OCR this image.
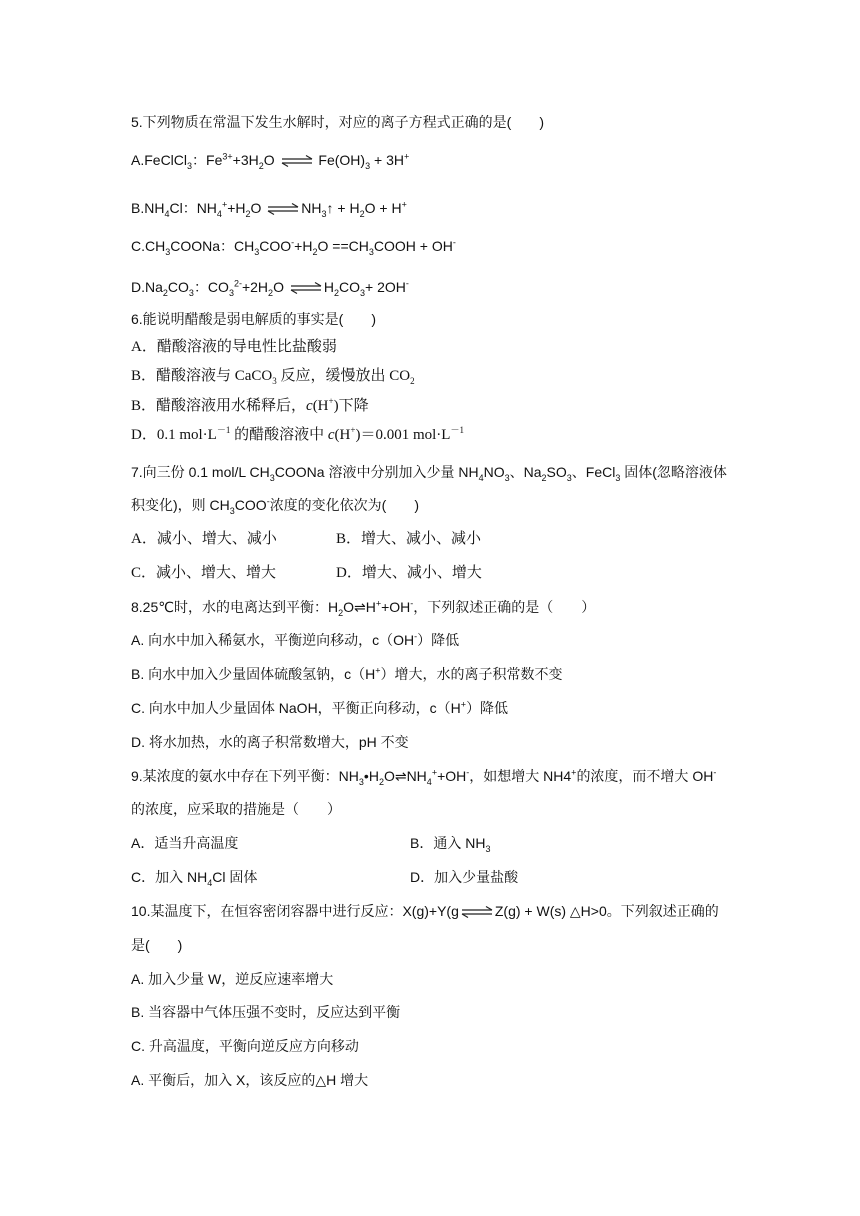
5.下列物质在常温下发生水解时，对应的离子方程式正确的是(　　)
A.FeClCl$_3$：$Fe^{3+}+3H_2O$	$Fe(OH)_3 + 3H^+$
$B.NH_4Cl$：$NH_4^++H_2O$	$NH_3↑ + H_2O + H^+$
$C.CH_3COONa$：$CH_3COO^-+H_2O$ $==CH_3COOH + OH^-$
$D.Na_2CO_3$：$CO_3^{2-}+2H_2O$	$H_2CO_3+ 2OH^-$
6.能说明醋酸是弱电解质的事实是(　　)
A．醋酸溶液的导电性比盐酸弱
B．醋酸溶液与 CaCO$_3$ 反应，缓慢放出 $CO_2$
B．醋酸溶液用水稀释后，c(H+)下降
D．0.1 $mol\cdot L^{-1}$ 的醋酸溶液中 c(H+)＝0.001 $mol\cdot L^{-1}$
7.向三份 0.1 mol/L $CH_3COONa$ 溶液中分别加入少量 $NH_4NO_3$、$Na_2SO_3$、FeCl$_3$ 固体(忽略溶液体
积变化)，则 $CH_3COO^-$浓度的变化依次为(　　)
A．减小、增大、减小	B．增大、减小、减小
C．减小、增大、增大	D．增大、减小、增大
8.25℃时，水的电离达到平衡：$H_2O\rightleftharpoons H^++OH^-$，下列叙述正确的是（　　）
A. 向水中加入稀氨水，平衡逆向移动，c（OH-）降低
B. 向水中加入少量固体硫酸氢钠，c（H+）增大，水的离子积常数不变
C. 向水中加人少量固体 NaOH，平衡正向移动，c（H+）降低
D. 将水加热，水的离子积常数增大，pH 不变
9.某浓度的氨水中存在下列平衡：$NH_3•H_2O\rightleftharpoons NH_4^++OH^-$，如想增大 NH4+的浓度，而不增大 OH-
的浓度，应采取的措施是（　　）
A．适当升高温度	B．通入 $NH_3$
C．加入 $NH_4Cl$ 固体	D．加入少量盐酸
10.某温度下，在恒容密闭容器中进行反应：X(g)+Y(g	Z(g) + W(s) △H>0。下列叙述正确的
是(　　)
A. 加入少量 W，逆反应速率增大
B. 当容器中气体压强不变时，反应达到平衡
C. 升高温度，平衡向逆反应方向移动
A. 平衡后，加入 X，该反应的△H 增大
